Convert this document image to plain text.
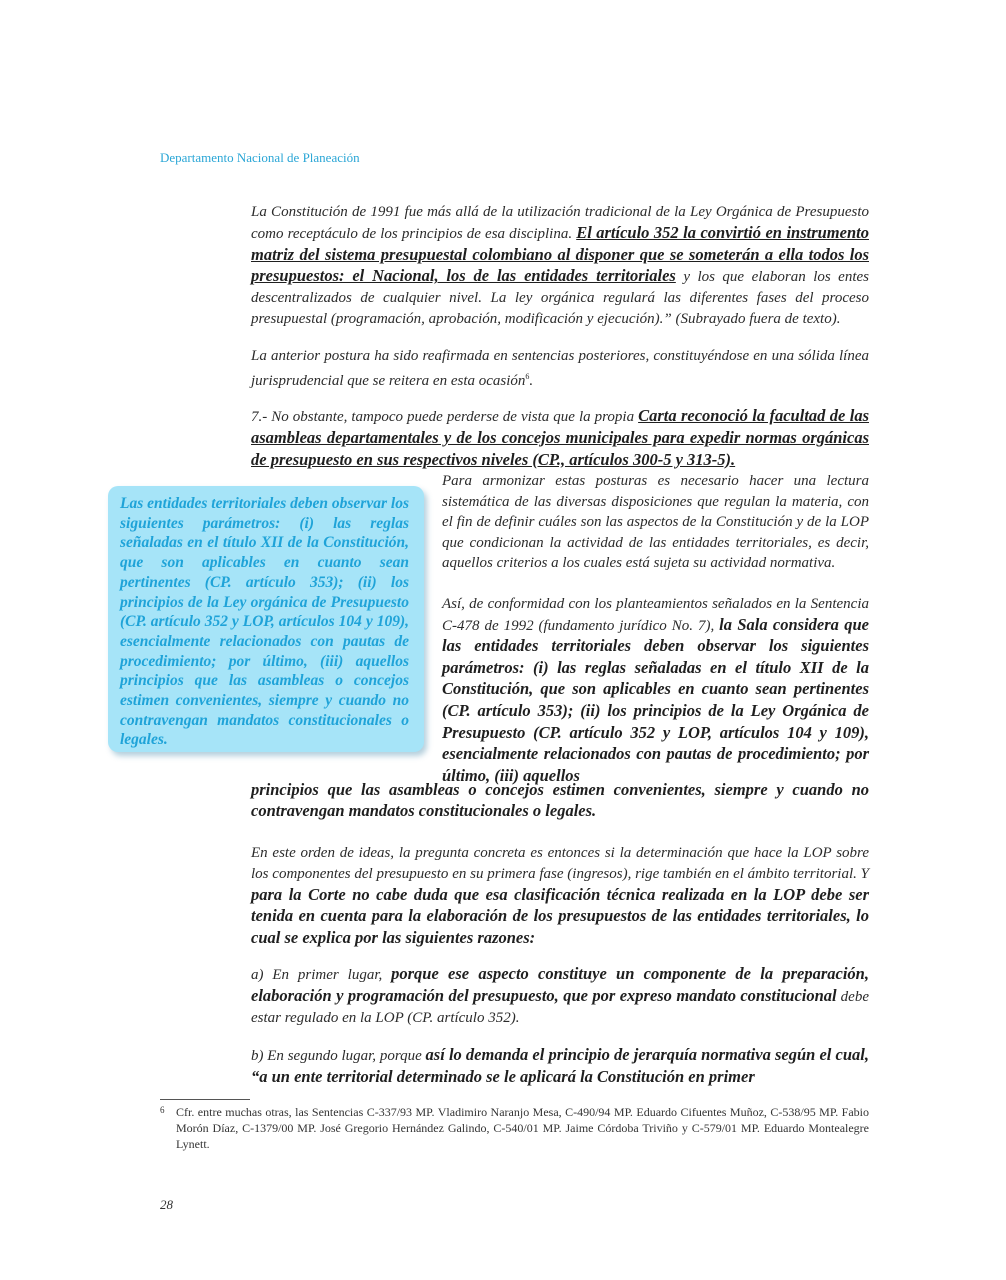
Departamento Nacional de Planeación

La Constitución de 1991 fue más allá de la utilización tradicional de la Ley Orgánica de Presupuesto como receptáculo de los principios de esa disciplina. El artículo 352 la convirtió en instrumento matriz del sistema presupuestal colombiano al disponer que se someterán a ella todos los presupuestos: el Nacional, los de las entidades territoriales y los que elaboran los entes descentralizados de cualquier nivel. La ley orgánica regulará las diferentes fases del proceso presupuestal (programación, aprobación, modificación y ejecución).” (Subrayado fuera de texto).

La anterior postura ha sido reafirmada en sentencias posteriores, constituyéndose en una sólida línea jurisprudencial que se reitera en esta ocasión$^6$.

7.- No obstante, tampoco puede perderse de vista que la propia Carta reconoció la facultad de las asambleas departamentales y de los concejos municipales para expedir normas orgánicas de presupuesto en sus respectivos niveles (CP., artículos 300-5 y 313-5).

Para armonizar estas posturas es necesario hacer una lectura sistemática de las diversas disposiciones que regulan la materia, con el fin de definir cuáles son las aspectos de la Constitución y de la LOP que condicionan la actividad de las entidades territoriales, es decir, aquellos criterios a los cuales está sujeta su actividad normativa.

Así, de conformidad con los planteamientos señalados en la Sentencia C-478 de 1992 (fundamento jurídico No. 7), la Sala considera que las entidades territoriales deben observar los siguientes parámetros: (i) las reglas señaladas en el título XII de la Constitución, que son aplicables en cuanto sean pertinentes (CP. artículo 353); (ii) los principios de la Ley Orgánica de Presupuesto (CP. artículo 352 y LOP, artículos 104 y 109), esencialmente relacionados con pautas de procedimiento; por último, (iii) aquellos

principios que las asambleas o concejos estimen convenientes, siempre y cuando no contravengan mandatos constitucionales o legales.

Las entidades territoriales deben observar los siguientes parámetros: (i) las reglas señaladas en el título XII de la Constitución, que son aplicables en cuanto sean pertinentes (CP. artículo 353); (ii) los principios de la Ley orgánica de Presupuesto (CP. artículo 352 y LOP, artículos 104 y 109), esencialmente relacionados con pautas de procedimiento; por último, (iii) aquellos principios que las asambleas o concejos estimen convenientes, siempre y cuando no contravengan mandatos constitucionales o legales.

En este orden de ideas, la pregunta concreta es entonces si la determinación que hace la LOP sobre los componentes del presupuesto en su primera fase (ingresos), rige también en el ámbito territorial. Y para la Corte no cabe duda que esa clasificación técnica realizada en la LOP debe ser tenida en cuenta para la elaboración de los presupuestos de las entidades territoriales, lo cual se explica por las siguientes razones:

a) En primer lugar, porque ese aspecto constituye un componente de la preparación, elaboración y programación del presupuesto, que por expreso mandato constitucional debe estar regulado en la LOP (CP. artículo 352).

b) En segundo lugar, porque así lo demanda el principio de jerarquía normativa según el cual, “a un ente territorial determinado se le aplicará la Constitución en primer

6 Cfr. entre muchas otras, las Sentencias C-337/93 MP. Vladimiro Naranjo Mesa, C-490/94 MP. Eduardo Cifuentes Muñoz, C-538/95 MP. Fabio Morón Díaz, C-1379/00 MP. José Gregorio Hernández Galindo, C-540/01 MP. Jaime Córdoba Triviño y C-579/01 MP. Eduardo Montealegre Lynett.

28
